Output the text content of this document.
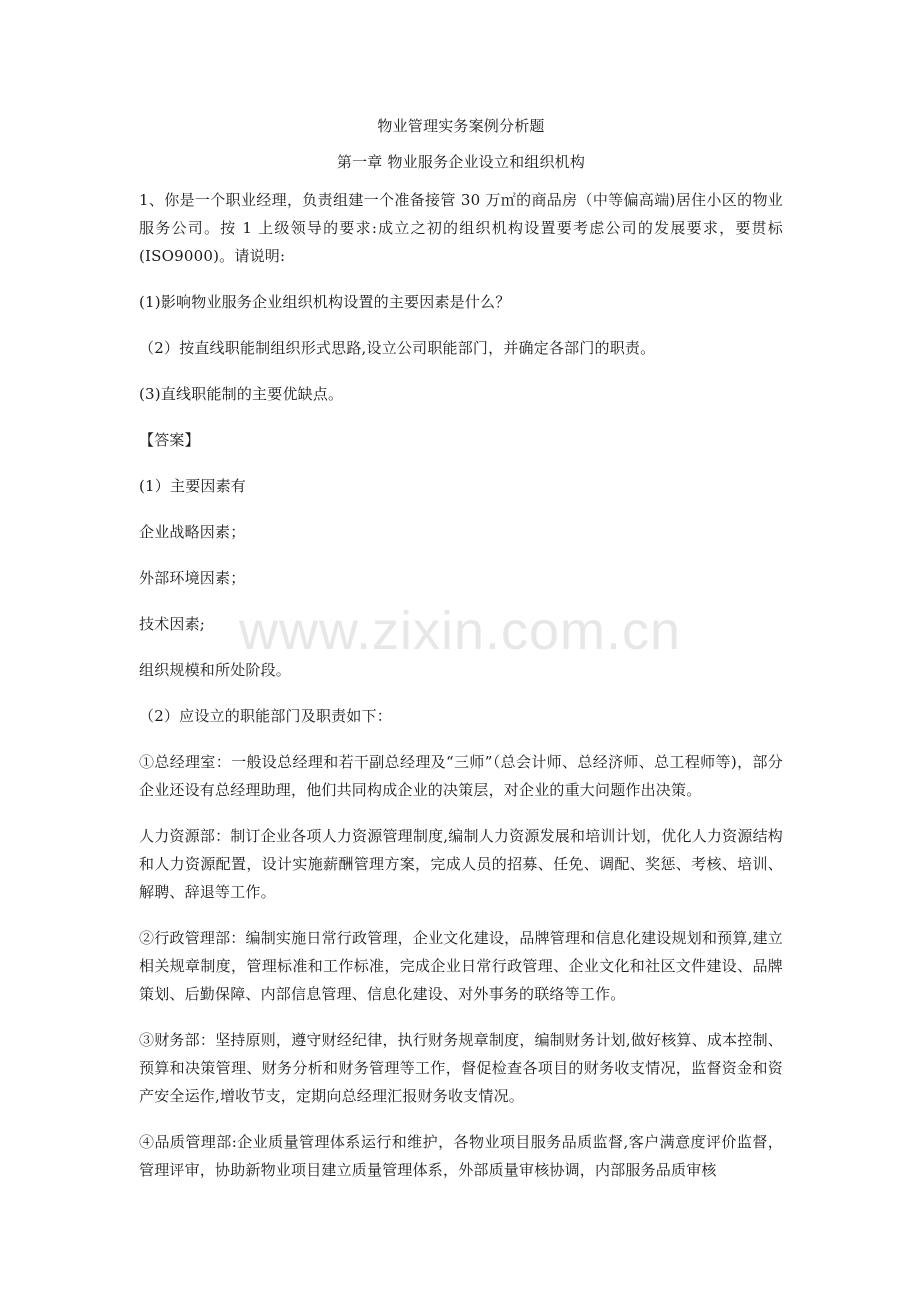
物业管理实务案例分析题
第一章 物业服务企业设立和组织机构

1、你是一个职业经理，负责组建一个准备接管 30 万㎡的商品房（中等偏高端)居住小区的物业服务公司。按 1 上级领导的要求:成立之初的组织机构设置要考虑公司的发展要求，要贯标(ISO9000)。请说明:

(1)影响物业服务企业组织机构设置的主要因素是什么？

（2）按直线职能制组织形式思路,设立公司职能部门，并确定各部门的职责。

(3)直线职能制的主要优缺点。

【答案】

(1）主要因素有

企业战略因素；

外部环境因素；

技术因素;

组织规模和所处阶段。

（2）应设立的职能部门及职责如下：

①总经理室：一般设总经理和若干副总经理及“三师”（总会计师、总经济师、总工程师等)，部分企业还设有总经理助理，他们共同构成企业的决策层，对企业的重大问题作出决策。

人力资源部：制订企业各项人力资源管理制度,编制人力资源发展和培训计划，优化人力资源结构和人力资源配置，设计实施薪酬管理方案，完成人员的招募、任免、调配、奖惩、考核、培训、解聘、辞退等工作。

②行政管理部：编制实施日常行政管理，企业文化建设，品牌管理和信息化建设规划和预算,建立相关规章制度，管理标准和工作标准，完成企业日常行政管理、企业文化和社区文件建设、品牌策划、后勤保障、内部信息管理、信息化建设、对外事务的联络等工作。

③财务部：坚持原则，遵守财经纪律，执行财务规章制度，编制财务计划,做好核算、成本控制、预算和决策管理、财务分析和财务管理等工作，督促检查各项目的财务收支情况，监督资金和资产安全运作,增收节支，定期向总经理汇报财务收支情况。

④品质管理部:企业质量管理体系运行和维护，各物业项目服务品质监督,客户满意度评价监督，管理评审，协助新物业项目建立质量管理体系，外部质量审核协调，内部服务品质审核

www.zixin.com.cn
